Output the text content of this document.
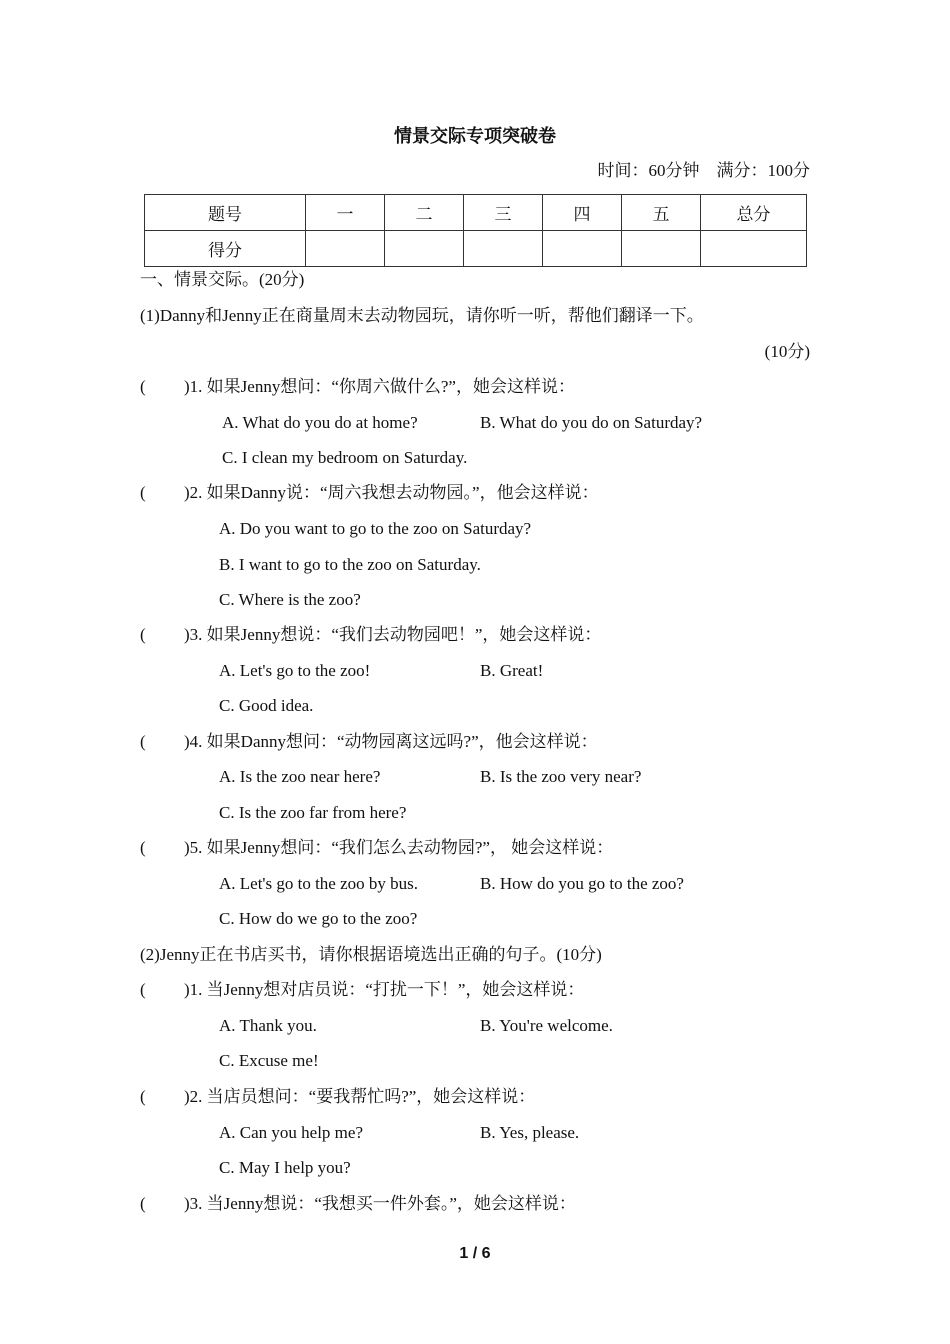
情景交际专项突破卷
时间：60分钟　满分：100分
题号	一	二	三	四	五	总分
得分						
一、情景交际。(20分)
(1)Danny和Jenny正在商量周末去动物园玩，请你听一听，帮他们翻译一下。
(10分)
( )1. 如果Jenny想问：“你周六做什么?”，她会这样说：
A. What do you do at home?	B. What do you do on Saturday?
C. I clean my bedroom on Saturday.
( )2. 如果Danny说：“周六我想去动物园。”，他会这样说：
A. Do you want to go to the zoo on Saturday?
B. I want to go to the zoo on Saturday.
C. Where is the zoo?
( )3. 如果Jenny想说：“我们去动物园吧！”，她会这样说：
A. Let's go to the zoo!	B. Great!
C. Good idea.
( )4. 如果Danny想问：“动物园离这远吗?”，他会这样说：
A. Is the zoo near here?	B. Is the zoo very near?
C. Is the zoo far from here?
( )5. 如果Jenny想问：“我们怎么去动物园?”， 她会这样说：
A. Let's go to the zoo by bus.	B. How do you go to the zoo?
C. How do we go to the zoo?
(2)Jenny正在书店买书，请你根据语境选出正确的句子。(10分)
( )1. 当Jenny想对店员说：“打扰一下！”，她会这样说：
A. Thank you.	B. You're welcome.
C. Excuse me!
( )2. 当店员想问：“要我帮忙吗?”，她会这样说：
A. Can you help me?	B. Yes, please.
C. May I help you?
( )3. 当Jenny想说：“我想买一件外套。”，她会这样说：
1 / 6
